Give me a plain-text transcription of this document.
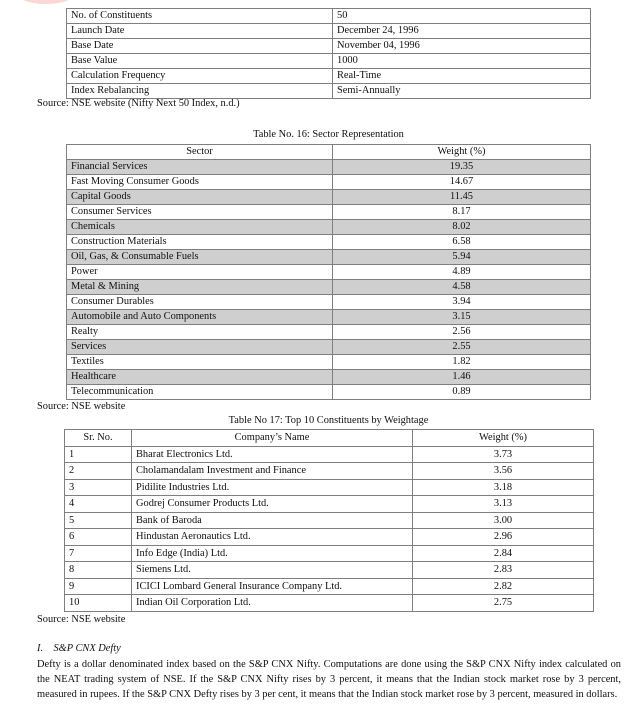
No. of Constituents	50
Launch Date	December 24, 1996
Base Date	November 04, 1996
Base Value	1000
Calculation Frequency	Real-Time
Index Rebalancing	Semi-Annually
Source: NSE website (Nifty Next 50 Index, n.d.)
Table No. 16: Sector Representation
Sector	Weight (%)
Financial Services	19.35
Fast Moving Consumer Goods	14.67
Capital Goods	11.45
Consumer Services	8.17
Chemicals	8.02
Construction Materials	6.58
Oil, Gas, & Consumable Fuels	5.94
Power	4.89
Metal & Mining	4.58
Consumer Durables	3.94
Automobile and Auto Components	3.15
Realty	2.56
Services	2.55
Textiles	1.82
Healthcare	1.46
Telecommunication	0.89
Source: NSE website
Table No 17: Top 10 Constituents by Weightage
Sr. No.	Company’s Name	Weight (%)
1	Bharat Electronics Ltd.	3.73
2	Cholamandalam Investment and Finance	3.56
3	Pidilite Industries Ltd.	3.18
4	Godrej Consumer Products Ltd.	3.13
5	Bank of Baroda	3.00
6	Hindustan Aeronautics Ltd.	2.96
7	Info Edge (India) Ltd.	2.84
8	Siemens Ltd.	2.83
9	ICICI Lombard General Insurance Company Ltd.	2.82
10	Indian Oil Corporation Ltd.	2.75
Source: NSE website
I.    S&P CNX Defty
Defty is a dollar denominated index based on the S&P CNX Nifty. Computations are done using the S&P CNX Nifty index calculated on the NEAT trading system of NSE. If the S&P CNX Nifty rises by 3 percent, it means that the Indian stock market rose by 3 percent, measured in rupees. If the S&P CNX Defty rises by 3 per cent, it means that the Indian stock market rose by 3 percent, measured in dollars.
